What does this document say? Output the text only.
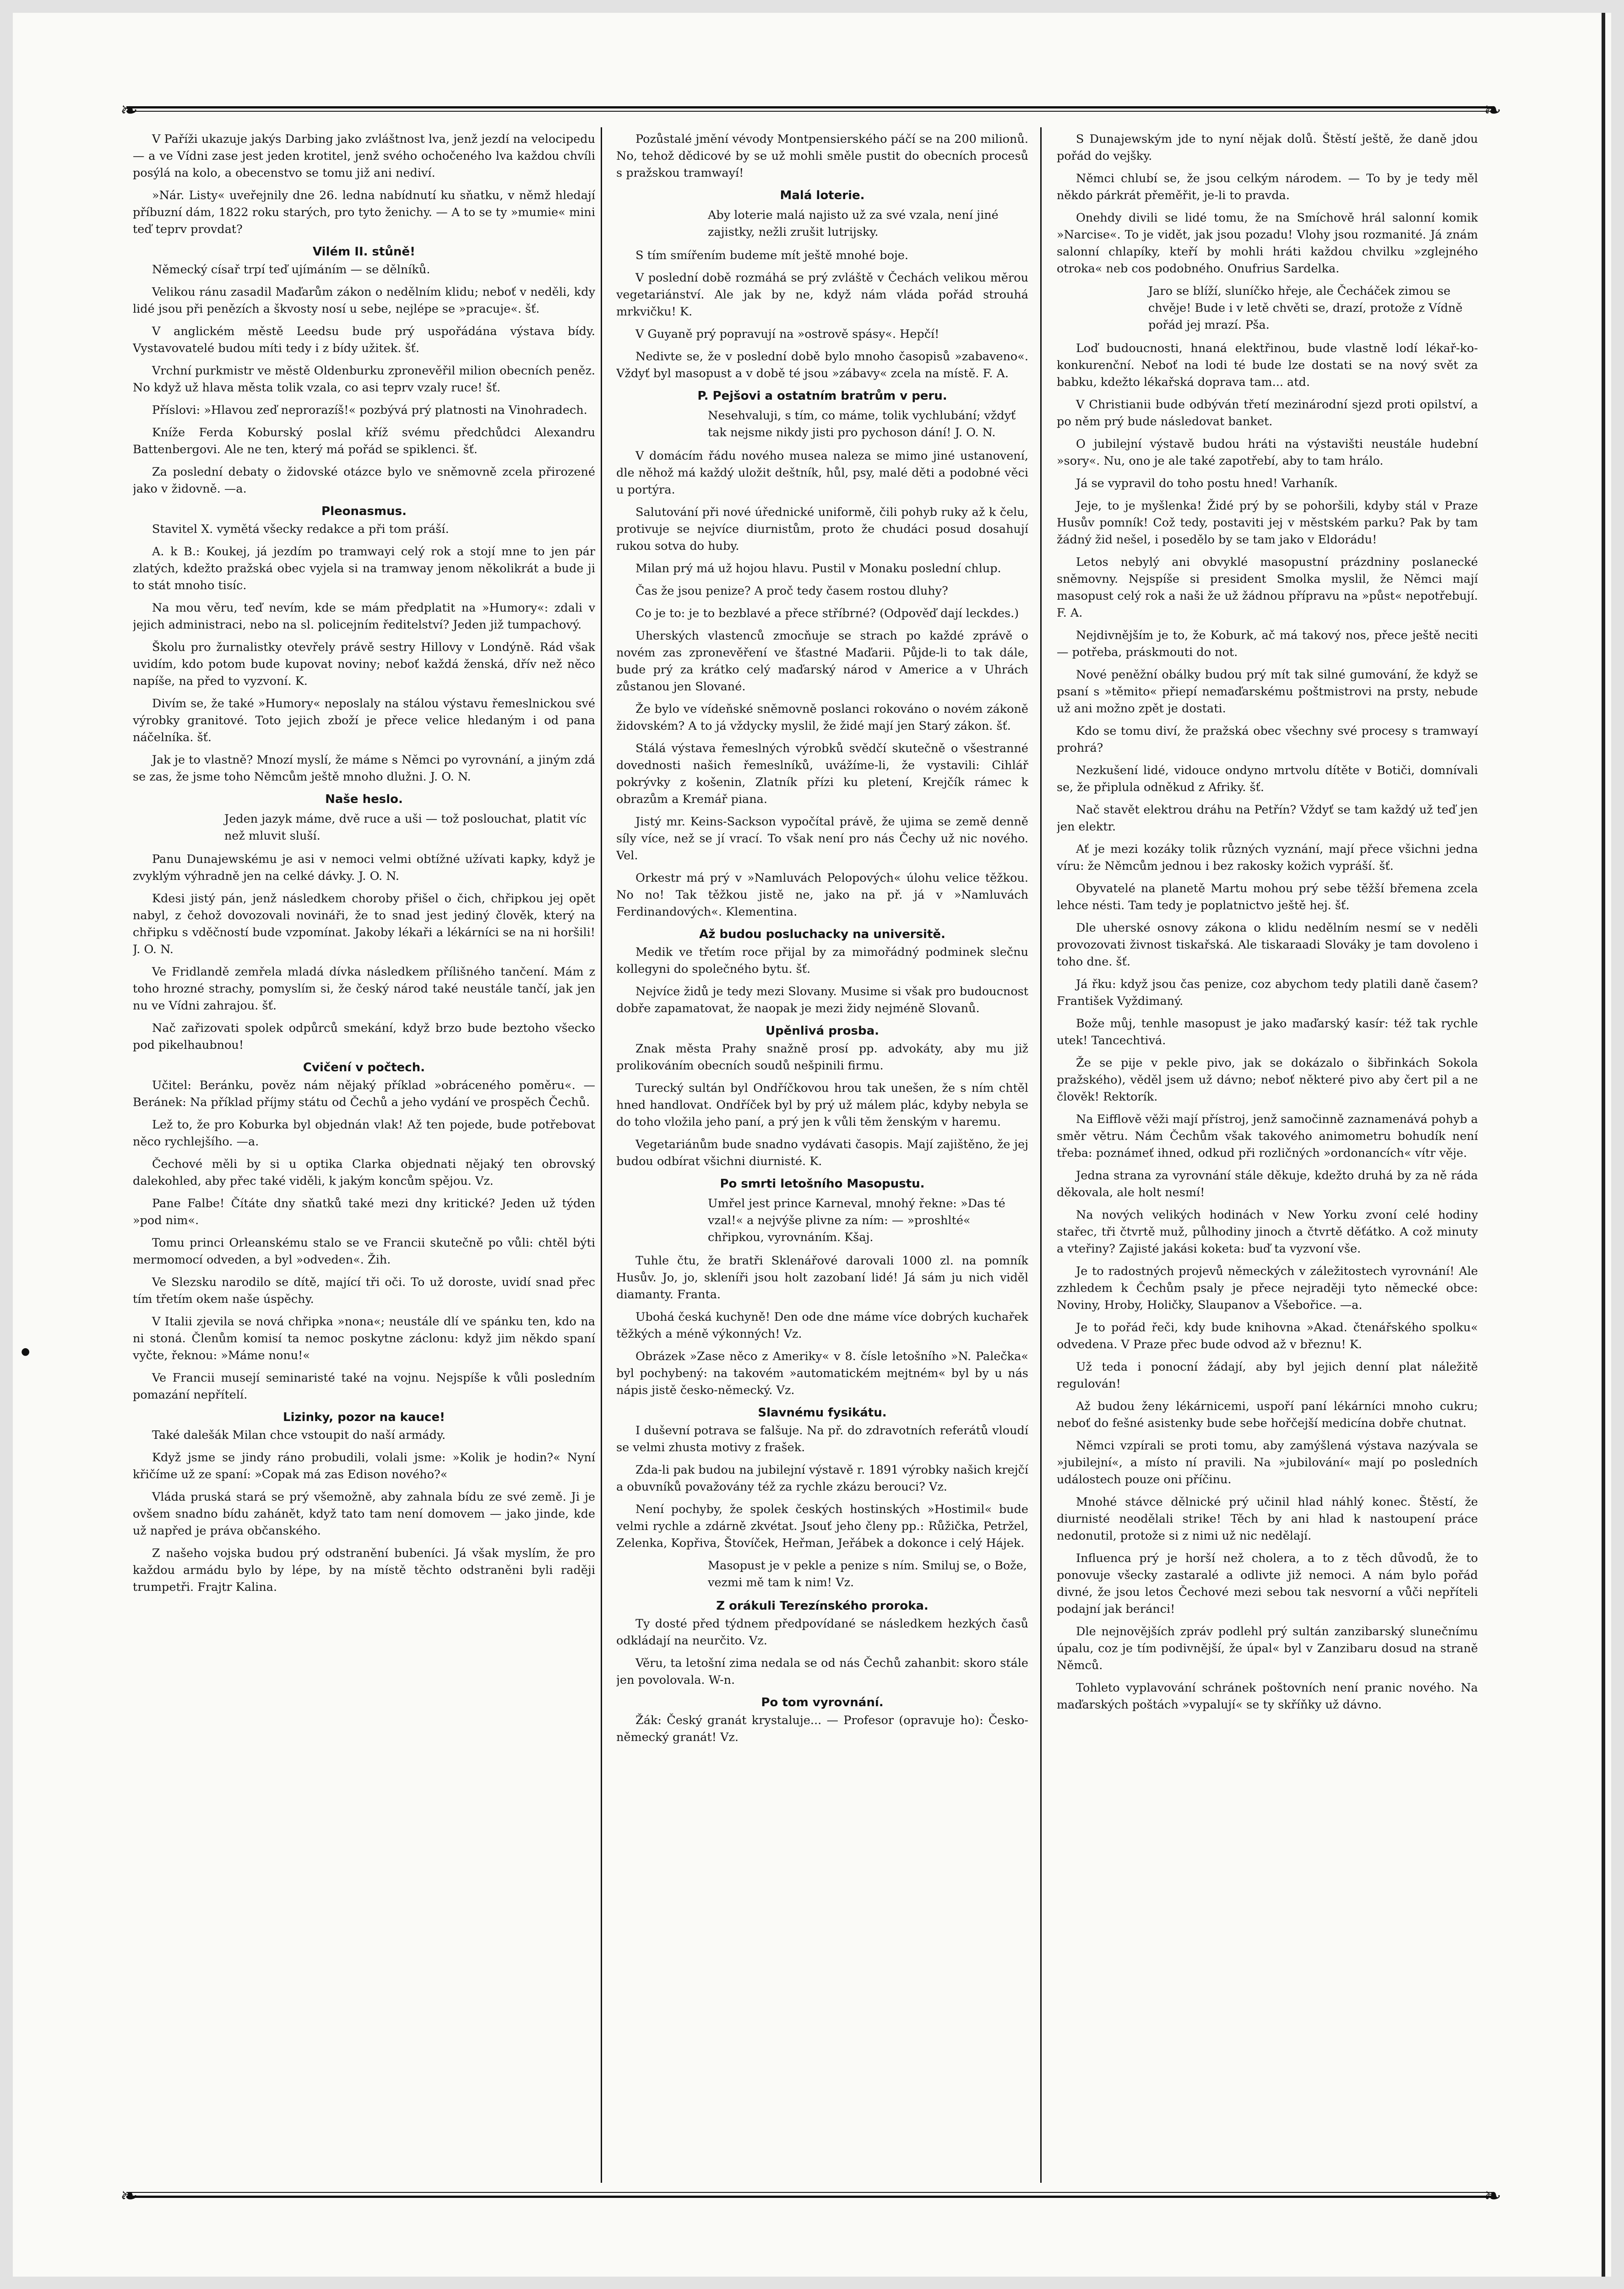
❧	❧
❧	❧
●

V Paříži ukazuje jakýs Darbing jako zvláštnost lva, jenž jezdí na velocipedu — a ve Vídni zase jest jeden krotitel, jenž svého ochočeného lva každou chvíli posýlá na kolo, a obecenstvo se tomu již ani nediví.

»Nár. Listy« uveřejnily dne 26. ledna nabídnutí ku sňatku, v němž hledají příbuzní dám, 1822 roku starých, pro tyto ženichy. — A to se ty »mumie« mini teď teprv provdat?

Vilém II. stůně!

Německý císař trpí teď ujímáním — se dělníků.

Velikou ránu zasadil Maďarům zákon o nedělním klidu; neboť v neděli, kdy lidé jsou při penězích a škvosty nosí u sebe, nejlépe se »pracuje«. šť.

V anglickém městě Leedsu bude prý uspořádána výstava bídy. Vystavovatelé budou míti tedy i z bídy užitek. šť.

Vrchní purkmistr ve městě Oldenburku zpronevěřil milion obecních peněz. No když už hlava města tolik vzala, co asi teprv vzaly ruce! šť.

Příslovi: »Hlavou zeď neprorazíš!« pozbývá prý platnosti na Vinohradech.

Kníže Ferda Koburský poslal kříž svému předchůdci Alexandru Battenbergovi. Ale ne ten, který má pořád se spiklenci. šť.

Za poslední debaty o židovské otázce bylo ve sněmovně zcela přirozené jako v židovně. —a.

Pleonasmus.

Stavitel X. vymětá všecky redakce a při tom práší.

A. k B.: Koukej, já jezdím po tramwayi celý rok a stojí mne to jen pár zlatých, kdežto pražská obec vyjela si na tramway jenom několikrát a bude ji to stát mnoho tisíc.

Na mou věru, teď nevím, kde se mám předplatit na »Humory«: zdali v jejich administraci, nebo na sl. policejním ředitelství? Jeden již tumpachový.

Školu pro žurnalistky otevřely právě sestry Hillovy v Londýně. Rád však uvidím, kdo potom bude kupovat noviny; neboť každá ženská, dřív než něco napíše, na před to vyzvoní. K.

Divím se, že také »Humory« neposlaly na stálou výstavu řemeslnickou své výrobky granitové. Toto jejich zboží je přece velice hledaným i od pana náčelníka. šť.

Jak je to vlastně? Mnozí myslí, že máme s Němci po vyrovnání, a jiným zdá se zas, že jsme toho Němcům ještě mnoho dlužni. J. O. N.

Naše heslo.

Jeden jazyk máme, dvě ruce a uši — tož poslouchat, platit víc než mluvit sluší.

Panu Dunajewskému je asi v nemoci velmi obtížné užívati kapky, když je zvyklým výhradně jen na celké dávky. J. O. N.

Kdesi jistý pán, jenž následkem choroby přišel o čich, chřipkou jej opět nabyl, z čehož dovozovali novináři, že to snad jest jediný člověk, který na chřipku s vděčností bude vzpomínat. Jakoby lékaři a lékárníci se na ni horšili! J. O. N.

Ve Fridlandě zemřela mladá dívka následkem přílišného tančení. Mám z toho hrozné strachy, pomyslím si, že český národ také neustále tančí, jak jen nu ve Vídni zahrajou. šť.

Nač zařizovati spolek odpůrců smekání, když brzo bude beztoho všecko pod pikelhaubnou!

Cvičení v počtech.

Učitel: Beránku, pověz nám nějaký příklad »obráceného poměru«. — Beránek: Na příklad příjmy státu od Čechů a jeho vydání ve prospěch Čechů.

Lež to, že pro Koburka byl objednán vlak! Až ten pojede, bude potřebovat něco rychlejšího. —a.

Čechové měli by si u optika Clarka objednati nějaký ten obrovský dalekohled, aby přec také viděli, k jakým koncům spějou. Vz.

Pane Falbe! Čítáte dny sňatků také mezi dny kritické? Jeden už týden »pod nim«.

Tomu princi Orleanskému stalo se ve Francii skutečně po vůli: chtěl býti mermomocí odveden, a byl »odveden«. Žih.

Ve Slezsku narodilo se dítě, mající tři oči. To už doroste, uvidí snad přec tím třetím okem naše úspěchy.

V Italii zjevila se nová chřipka »nona«; neustále dlí ve spánku ten, kdo na ni stoná. Členům komisí ta nemoc poskytne záclonu: když jim někdo spaní vyčte, řeknou: »Máme nonu!«

Ve Francii musejí seminaristé také na vojnu. Nejspíše k vůli posledním pomazání nepřítelí.

Lizinky, pozor na kauce!

Také dalešák Milan chce vstoupit do naší armády.

Když jsme se jindy ráno probudili, volali jsme: »Kolik je hodin?« Nyní křičíme už ze spaní: »Copak má zas Edison nového?«

Vláda pruská stará se prý všemožně, aby zahnala bídu ze své země. Ji je ovšem snadno bídu zahánět, když tato tam není domovem — jako jinde, kde už napřed je práva občanského.

Z našeho vojska budou prý odstranění bubeníci. Já však myslím, že pro každou armádu bylo by lépe, by na místě těchto odstraněni byli raději trumpetři. Frajtr Kalina.

Pozůstalé jmění vévody Montpensierského páčí se na 200 milionů. No, tehož dědicové by se už mohli směle pustit do obecních procesů s pražskou tramwayí!

Malá loterie.

Aby loterie malá najisto už za své vzala, není jiné zajistky, nežli zrušit lutrijsky.

S tím smířením budeme mít ještě mnohé boje.

V poslední době rozmáhá se prý zvláště v Čechách velikou měrou vegetariánství. Ale jak by ne, když nám vláda pořád strouhá mrkvičku! K.

V Guyaně prý popravují na »ostrově spásy«. Hepčí!

Nedivte se, že v poslední době bylo mnoho časopisů »zabaveno«. Vždyť byl masopust a v době té jsou »zábavy« zcela na místě. F. A.

P. Pejšovi a ostatním bratrům v peru.

Nesehvaluji, s tím, co máme, tolik vychlubání; vždyť tak nejsme nikdy jisti pro pychoson dání! J. O. N.

V domácím řádu nového musea naleza se mimo jiné ustanovení, dle něhož má každý uložit deštník, hůl, psy, malé děti a podobné věci u portýra.

Salutování při nové úřednické uniformě, čili pohyb ruky až k čelu, protivuje se nejvíce diurnistům, proto že chudáci posud dosahují rukou sotva do huby.

Milan prý má už hojou hlavu. Pustil v Monaku poslední chlup.

Čas že jsou penize? A proč tedy časem rostou dluhy?

Co je to: je to bezblavé a přece stříbrné? (Odpověď dají leckdes.)

Uherských vlastenců zmocňuje se strach po každé zprávě o novém zas zpronevěření ve šťastné Maďarii. Půjde-li to tak dále, bude prý za krátko celý maďarský národ v Americe a v Uhrách zůstanou jen Slované.

Že bylo ve vídeňské sněmovně poslanci rokováno o novém zákoně židovském? A to já vždycky myslil, že židé mají jen Starý zákon. šť.

Stálá výstava řemeslných výrobků svědčí skutečně o všestranné dovednosti našich řemeslníků, uvážíme-li, že vystavili: Cihlář pokrývky z košenin, Zlatník přízi ku pletení, Krejčík rámec k obrazům a Kremář piana.

Jistý mr. Keins-Sackson vypočítal právě, že ujima se země denně síly více, než se jí vrací. To však není pro nás Čechy už nic nového. Vel.

Orkestr má prý v »Namluvách Pelopových« úlohu velice těžkou. No no! Tak těžkou jistě ne, jako na př. já v »Namluvách Ferdinandových«. Klementina.

Až budou posluchacky na universitě.

Medik ve třetím roce přijal by za mimořádný podminek slečnu kollegyni do společného bytu. šť.

Nejvíce židů je tedy mezi Slovany. Musime si však pro budoucnost dobře zapamatovat, že naopak je mezi židy nejméně Slovanů.

Upěnlivá prosba.

Znak města Prahy snažně prosí pp. advokáty, aby mu již prolikováním obecních soudů nešpinili firmu.

Turecký sultán byl Ondříčkovou hrou tak unešen, že s ním chtěl hned handlovat. Ondříček byl by prý už málem plác, kdyby nebyla se do toho vložila jeho paní, a prý jen k vůli těm ženským v haremu.

Vegetariánům bude snadno vydávati časopis. Mají zajištěno, že jej budou odbírat všichni diurnisté. K.

Po smrti letošního Masopustu.

Umřel jest prince Karneval, mnohý řekne: »Das té vzal!« a nejvýše plivne za ním: — »proshlté« chřipkou, vyrovnáním. Kšaj.

Tuhle čtu, že bratři Sklenářové darovali 1000 zl. na pomník Husův. Jo, jo, skleníři jsou holt zazobaní lidé! Já sám ju nich viděl diamanty. Franta.

Ubohá česká kuchyně! Den ode dne máme více dobrých kuchařek těžkých a méně výkonných! Vz.

Obrázek »Zase něco z Ameriky« v 8. čísle letošního »N. Palečka« byl pochybený: na takovém »automatickém mejtném« byl by u nás nápis jistě česko-německý. Vz.

Slavnému fysikátu.

I duševní potrava se falšuje. Na př. do zdravotních referátů vloudí se velmi zhusta motivy z frašek.

Zda-li pak budou na jubilejní výstavě r. 1891 výrobky našich krejčí a obuvníků považovány též za rychle zkázu berouci? Vz.

Není pochyby, že spolek českých hostinských »Hostimil« bude velmi rychle a zdárně zkvétat. Jsouť jeho členy pp.: Růžička, Petržel, Zelenka, Kopřiva, Štovíček, Heřman, Jeřábek a dokonce i celý Hájek.

Masopust je v pekle a penize s ním. Smiluj se, o Bože, vezmi mě tam k nim! Vz.

Z orákuli Terezínského proroka.

Ty dosté před týdnem předpovídané se následkem hezkých časů odkládají na neurčito. Vz.

Věru, ta letošní zima nedala se od nás Čechů zahanbit: skoro stále jen povolovala. W-n.

Po tom vyrovnání.

Žák: Český granát krystaluje... — Profesor (opravuje ho): Česko-německý granát! Vz.

S Dunajewským jde to nyní nějak dolů. Štěstí ještě, že daně jdou pořád do vejšky.

Němci chlubí se, že jsou celkým národem. — To by je tedy měl někdo párkrát přeměřit, je-li to pravda.

Onehdy divili se lidé tomu, že na Smíchově hrál salonní komik »Narcise«. To je vidět, jak jsou pozadu! Vlohy jsou rozmanité. Já znám salonní chlapíky, kteří by mohli hráti každou chvilku »zglejného otroka« neb cos podobného. Onufrius Sardelka.

Jaro se blíží, sluníčko hřeje, ale Čecháček zimou se chvěje! Bude i v letě chvěti se, drazí, protože z Vídně pořád jej mrazí. Pša.

Loď budoucnosti, hnaná elektřinou, bude vlastně lodí lékař-ko-konkurenční. Neboť na lodi té bude lze dostati se na nový svět za babku, kdežto lékařská doprava tam... atd.

V Christianii bude odbýván třetí mezinárodní sjezd proti opilství, a po něm prý bude následovat banket.

O jubilejní výstavě budou hráti na výstavišti neustále hudební »sory«. Nu, ono je ale také zapotřebí, aby to tam hrálo.

Já se vypravil do toho postu hned! Varhaník.

Jeje, to je myšlenka! Židé prý by se pohoršili, kdyby stál v Praze Husův pomník! Což tedy, postaviti jej v městském parku? Pak by tam žádný žid nešel, i posedělo by se tam jako v Eldorádu!

Letos nebylý ani obvyklé masopustní prázdniny poslanecké sněmovny. Nejspíše si president Smolka myslil, že Němci mají masopust celý rok a naši že už žádnou přípravu na »půst« nepotřebují. F. A.

Nejdivnějším je to, že Koburk, ač má takový nos, přece ještě neciti — potřeba, práskmouti do not.

Nové peněžní obálky budou prý mít tak silné gumování, že když se psaní s »těmito« přiepí nemaďarskému poštmistrovi na prsty, nebude už ani možno zpět je dostati.

Kdo se tomu diví, že pražská obec všechny své procesy s tramwayí prohrá?

Nezkušení lidé, vidouce ondyno mrtvolu dítěte v Botiči, domnívali se, že připlula odněkud z Afriky. šť.

Nač stavět elektrou dráhu na Petřín? Vždyť se tam každý už teď jen jen elektr.

Ať je mezi kozáky tolik různých vyznání, mají přece všichni jedna víru: že Němcům jednou i bez rakosky kožich vypráší. šť.

Obyvatelé na planetě Martu mohou prý sebe těžší břemena zcela lehce nésti. Tam tedy je poplatnictvo ještě hej. šť.

Dle uherské osnovy zákona o klidu nedělním nesmí se v neděli provozovati živnost tiskařská. Ale tiskaraadi Slováky je tam dovoleno i toho dne. šť.

Já řku: když jsou čas penize, coz abychom tedy platili daně časem? František Vyždimaný.

Bože můj, tenhle masopust je jako maďarský kasír: též tak rychle utek! Tancechtivá.

Že se pije v pekle pivo, jak se dokázalo o šibřinkách Sokola pražského), věděl jsem už dávno; neboť některé pivo aby čert pil a ne člověk! Rektorík.

Na Eifflově věži mají přístroj, jenž samočinně zaznamenává pohyb a směr větru. Nám Čechům však takového animometru bohudík není třeba: poznámeť ihned, odkud při rozličných »ordonancích« vítr věje.

Jedna strana za vyrovnání stále děkuje, kdežto druhá by za ně ráda děkovala, ale holt nesmí!

Na nových velikých hodinách v New Yorku zvoní celé hodiny stařec, tři čtvrtě muž, půlhodiny jinoch a čtvrtě děťátko. A což minuty a vteřiny? Zajisté jakási koketa: buď ta vyzvoní vše.

Je to radostných projevů německých v záležitostech vyrovnání! Ale zzhledem k Čechům psaly je přece nejraději tyto německé obce: Noviny, Hroby, Holičky, Slaupanov a Všebořice. —a.

Je to pořád řeči, kdy bude knihovna »Akad. čtenářského spolku« odvedena. V Praze přec bude odvod až v březnu! K.

Už teda i ponocní žádají, aby byl jejich denní plat náležitě regulován!

Až budou ženy lékárnicemi, uspoří paní lékárníci mnoho cukru; neboť do fešné asistenky bude sebe hořčejší medicína dobře chutnat.

Němci vzpírali se proti tomu, aby zamýšlená výstava nazývala se »jubilejní«, a místo ní pravili. Na »jubilování« mají po posledních událostech pouze oni příčinu.

Mnohé stávce dělnické prý učinil hlad náhlý konec. Štěstí, že diurnisté neodělali strike! Těch by ani hlad k nastoupení práce nedonutil, protože si z nimi už nic nedělají.

Influenca prý je horší než cholera, a to z těch důvodů, že to ponovuje všecky zastaralé a odlivte již nemoci. A nám bylo pořád divné, že jsou letos Čechové mezi sebou tak nesvorní a vůči nepříteli podajní jak beránci!

Dle nejnovějších zpráv podlehl prý sultán zanzibarský slunečnímu úpalu, coz je tím podivnější, že úpal« byl v Zanzibaru dosud na straně Němců.

Tohleto vyplavování schránek poštovních není pranic nového. Na maďarských poštách »vypalují« se ty skříňky už dávno.
